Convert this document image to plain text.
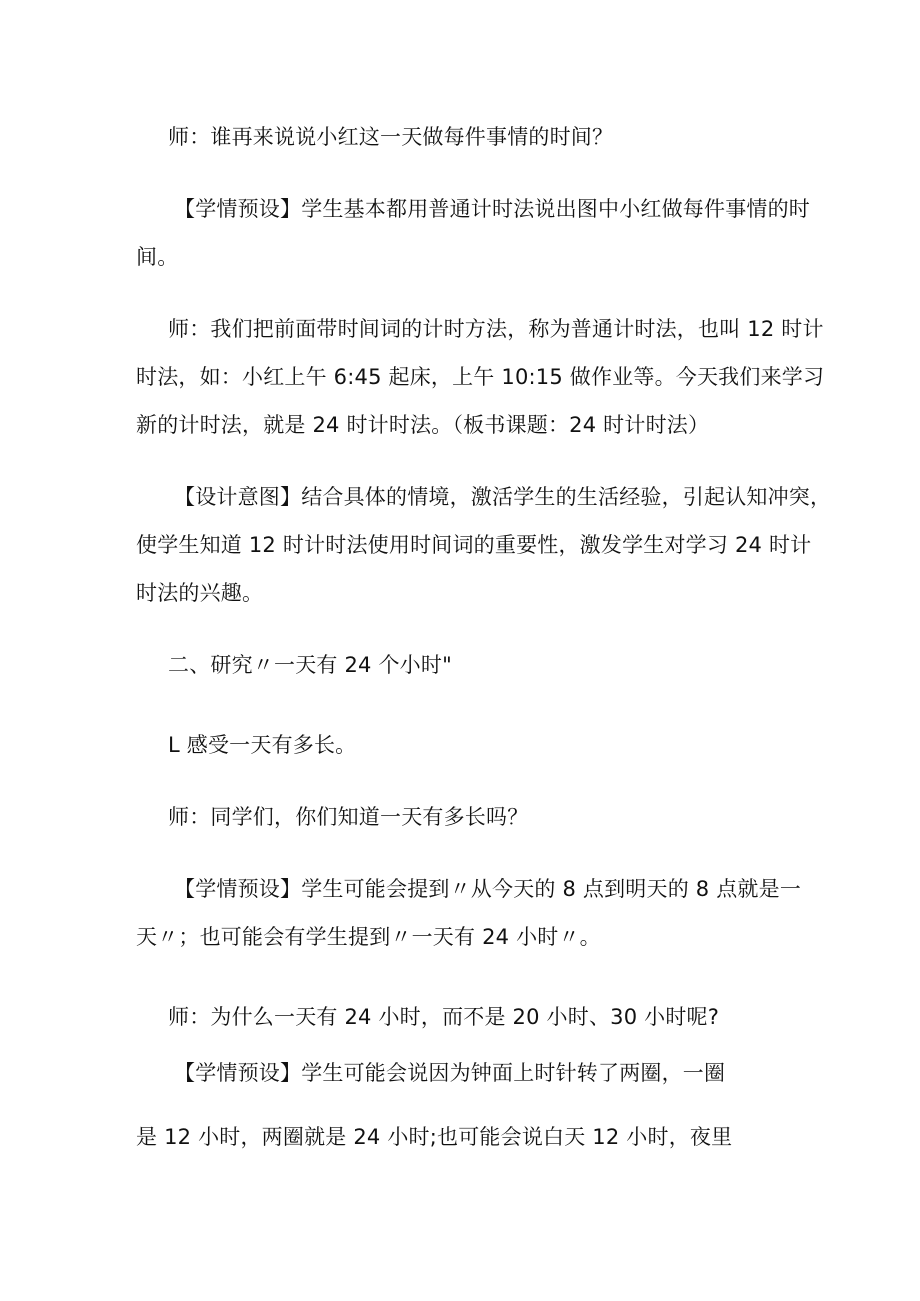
师：谁再来说说小红这一天做每件事情的时间？
【学情预设】学生基本都用普通计时法说出图中小红做每件事情的时
间。
师：我们把前面带时间词的计时方法，称为普通计时法，也叫 12 时计
时法，如：小红上午 6:45 起床，上午 10:15 做作业等。今天我们来学习
新的计时法，就是 24 时计时法。（板书课题：24 时计时法）
【设计意图】结合具体的情境，激活学生的生活经验，引起认知冲突，
使学生知道 12 时计时法使用时间词的重要性，激发学生对学习 24 时计
时法的兴趣。
二、研究〃一天有 24 个小时"
L 感受一天有多长。
师：同学们，你们知道一天有多长吗？
【学情预设】学生可能会提到〃从今天的 8 点到明天的 8 点就是一
天〃；也可能会有学生提到〃一天有 24 小时〃。
师：为什么一天有 24 小时，而不是 20 小时、30 小时呢?
【学情预设】学生可能会说因为钟面上时针转了两圈，一圈
是 12 小时，两圈就是 24 小时;也可能会说白天 12 小时，夜里
